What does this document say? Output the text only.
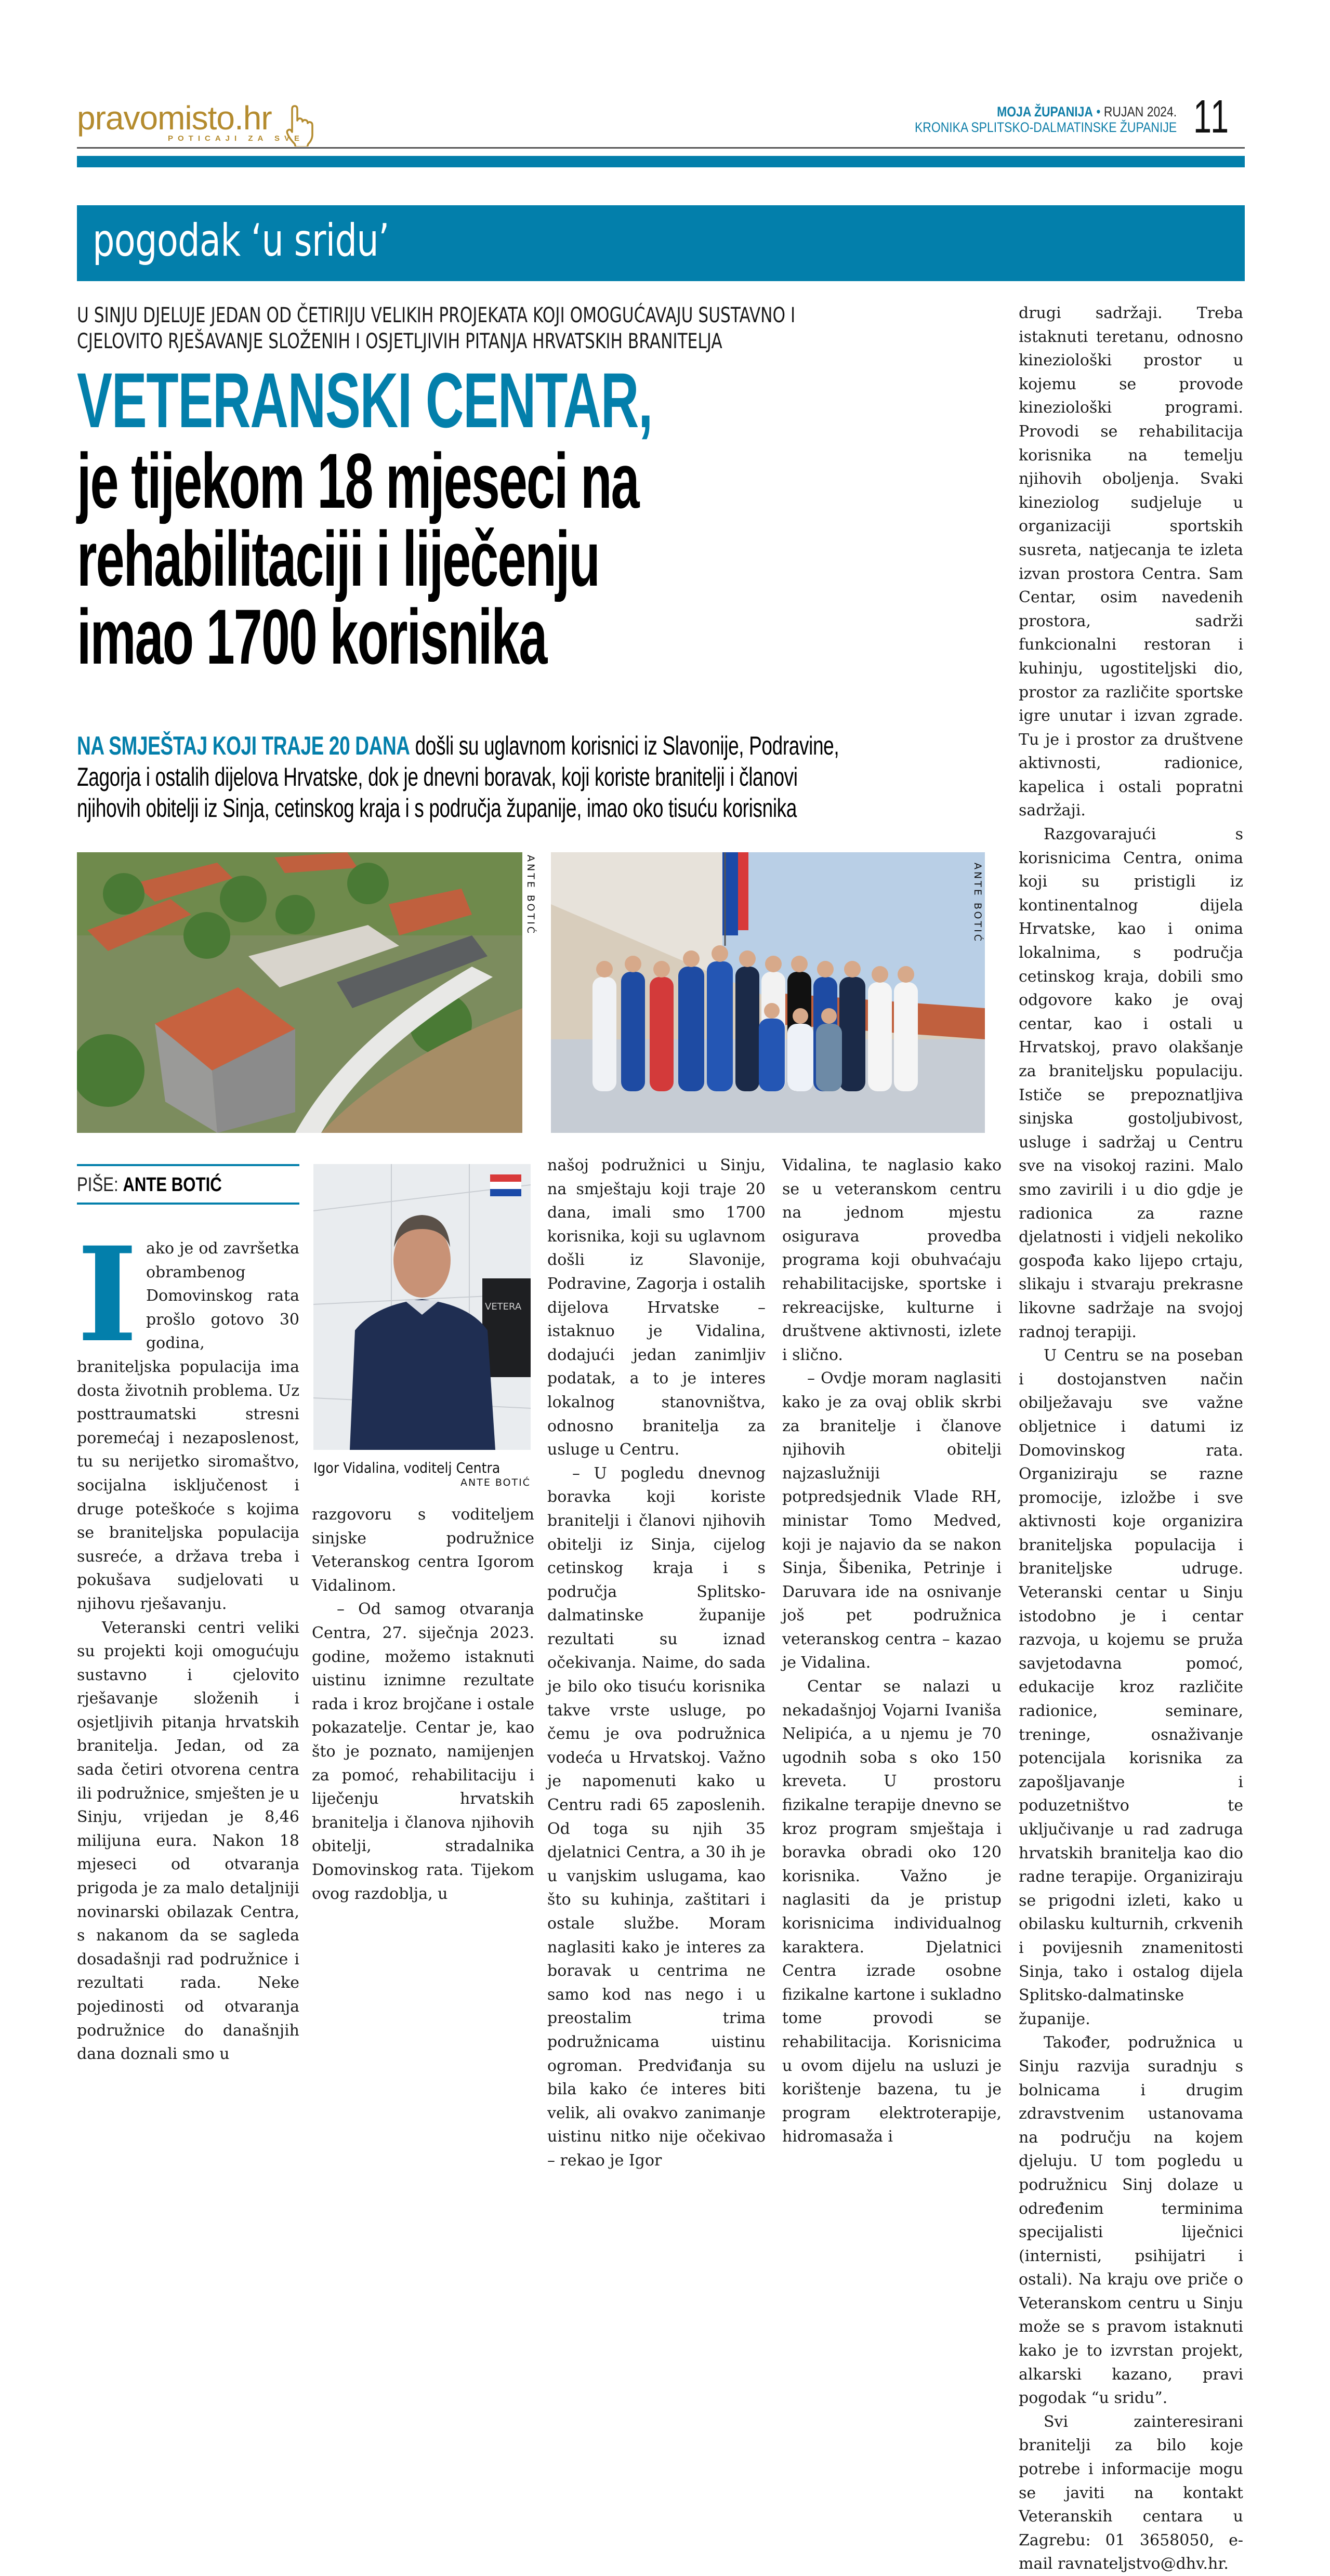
pravomisto.hr
POTICAJI ZA SVE
MOJA ŽUPANIJA • RUJAN 2024.
KRONIKA SPLITSKO-DALMATINSKE ŽUPANIJE 11
pogodak ‘u sridu’
U SINJU DJELUJE JEDAN OD ČETIRIJU VELIKIH PROJEKATA KOJI OMOGUĆAVAJU SUSTAVNO I
CJELOVITO RJEŠAVANJE SLOŽENIH I OSJETLJIVIH PITANJA HRVATSKIH BRANITELJA
VETERANSKI CENTAR,
je tijekom 18 mjeseci na
rehabilitaciji i liječenju
imao 1700 korisnika
NA SMJEŠTAJ KOJI TRAJE 20 DANA došli su uglavnom korisnici iz Slavonije, Podravine,
Zagorja i ostalih dijelova Hrvatske, dok je dnevni boravak, koji koriste branitelji i članovi
njihovih obitelji iz Sinja, cetinskog kraja i s područja županije, imao oko tisuću korisnika
ANTE BOTIĆ	ANTE BOTIĆ
PIŠE: ANTE BOTIĆ

Iako je od završetka obrambenog Domovinskog rata prošlo gotovo 30 godina, braniteljska populacija ima dosta životnih problema. Uz posttraumatski stresni poremećaj i nezaposlenost, tu su nerijetko siromaštvo, socijalna isključenost i druge poteškoće s kojima se braniteljska populacija susreće, a država treba i pokušava sudjelovati u njihovu rješavanju.

Veteranski centri veliki su projekti koji omogućuju sustavno i cjelovito rješavanje složenih i osjetljivih pitanja hrvatskih branitelja. Jedan, od za sada četiri otvorena centra ili podružnice, smješten je u Sinju, vrijedan je 8,46 milijuna eura. Nakon 18 mjeseci od otvaranja prigoda je za malo detaljniji novinarski obilazak Centra, s nakanom da se sagleda dosadašnji rad podružnice i rezultati rada. Neke pojedinosti od otvaranja podružnice do današnjih dana doznali smo u

VETERA
Igor Vidalina, voditelj Centra
ANTE BOTIĆ

razgovoru s voditeljem sinjske podružnice Veteranskog centra Igorom Vidalinom.

– Od samog otvaranja Centra, 27. siječnja 2023. godine, možemo istaknuti uistinu iznimne rezultate rada i kroz brojčane i ostale pokazatelje. Centar je, kao što je poznato, namijenjen za pomoć, rehabilitaciju i liječenju hrvatskih branitelja i članova njihovih obitelji, stradalnika Domovinskog rata. Tijekom ovog razdoblja, u

našoj podružnici u Sinju, na smještaju koji traje 20 dana, imali smo 1700 korisnika, koji su uglavnom došli iz Slavonije, Podravine, Zagorja i ostalih dijelova Hrvatske – istaknuo je Vidalina, dodajući jedan zanimljiv podatak, a to je interes lokalnog stanovništva, odnosno branitelja za usluge u Centru.

– U pogledu dnevnog boravka koji koriste branitelji i članovi njihovih obitelji iz Sinja, cijelog cetinskog kraja i s područja Splitsko-dalmatinske županije rezultati su iznad očekivanja. Naime, do sada je bilo oko tisuću korisnika takve vrste usluge, po čemu je ova podružnica vodeća u Hrvatskoj. Važno je napomenuti kako u Centru radi 65 zaposlenih. Od toga su njih 35 djelatnici Centra, a 30 ih je u vanjskim uslugama, kao što su kuhinja, zaštitari i ostale službe. Moram naglasiti kako je interes za boravak u centrima ne samo kod nas nego i u preostalim trima podružnicama uistinu ogroman. Predviđanja su bila kako će interes biti velik, ali ovakvo zanimanje uistinu nitko nije očekivao – rekao je Igor

Vidalina, te naglasio kako se u veteranskom centru na jednom mjestu osigurava provedba programa koji obuhvaćaju rehabilitacijske, sportske i rekreacijske, kulturne i društvene aktivnosti, izlete i slično.

– Ovdje moram naglasiti kako je za ovaj oblik skrbi za branitelje i članove njihovih obitelji najzaslužniji potpredsjednik Vlade RH, ministar Tomo Medved, koji je najavio da se nakon Sinja, Šibenika, Petrinje i Daruvara ide na osnivanje još pet podružnica veteranskog centra – kazao je Vidalina.

Centar se nalazi u nekadašnjoj Vojarni Ivaniša Nelipića, a u njemu je 70 ugodnih soba s oko 150 kreveta. U prostoru fizikalne terapije dnevno se kroz program smještaja i boravka obradi oko 120 korisnika. Važno je naglasiti da je pristup korisnicima individualnog karaktera. Djelatnici Centra izrade osobne fizikalne kartone i sukladno tome provodi se rehabilitacija. Korisnicima u ovom dijelu na usluzi je korištenje bazena, tu je program elektroterapije, hidromasaža i

drugi sadržaji. Treba istaknuti teretanu, odnosno kineziološki prostor u kojemu se provode kineziološki programi. Provodi se rehabilitacija korisnika na temelju njihovih oboljenja. Svaki kineziolog sudjeluje u organizaciji sportskih susreta, natjecanja te izleta izvan prostora Centra. Sam Centar, osim navedenih prostora, sadrži funkcionalni restoran i kuhinju, ugostiteljski dio, prostor za različite sportske igre unutar i izvan zgrade. Tu je i prostor za društvene aktivnosti, radionice, kapelica i ostali popratni sadržaji.

Razgovarajući s korisnicima Centra, onima koji su pristigli iz kontinentalnog dijela Hrvatske, kao i onima lokalnima, s područja cetinskog kraja, dobili smo odgovore kako je ovaj centar, kao i ostali u Hrvatskoj, pravo olakšanje za braniteljsku populaciju. Ističe se prepoznatljiva sinjska gostoljubivost, usluge i sadržaj u Centru sve na visokoj razini. Malo smo zavirili i u dio gdje je radionica za razne djelatnosti i vidjeli nekoliko gospođa kako lijepo crtaju, slikaju i stvaraju prekrasne likovne sadržaje na svojoj radnoj terapiji.

U Centru se na poseban i dostojanstven način obilježavaju sve važne obljetnice i datumi iz Domovinskog rata. Organiziraju se razne promocije, izložbe i sve aktivnosti koje organizira braniteljska populacija i braniteljske udruge. Veteranski centar u Sinju istodobno je i centar razvoja, u kojemu se pruža savjetodavna pomoć, edukacije kroz različite radionice, seminare, treninge, osnaživanje potencijala korisnika za zapošljavanje i poduzetništvo te uključivanje u rad zadruga hrvatskih branitelja kao dio radne terapije. Organiziraju se prigodni izleti, kako u obilasku kulturnih, crkvenih i povijesnih znamenitosti Sinja, tako i ostalog dijela Splitsko-dalmatinske županije.

Također, podružnica u Sinju razvija suradnju s bolnicama i drugim zdravstvenim ustanovama na području na kojem djeluju. U tom pogledu u podružnicu Sinj dolaze u određenim terminima specijalisti liječnici (internisti, psihijatri i ostali). Na kraju ove priče o Veteranskom centru u Sinju može se s pravom istaknuti kako je to izvrstan projekt, alkarski kazano, pravi pogodak “u sridu”.

Svi zainteresirani branitelji za bilo koje potrebe i informacije mogu se javiti na kontakt Veteranskih centara u Zagrebu: 01 3658050, e-mail ravnateljstvo@dhv.hr.
